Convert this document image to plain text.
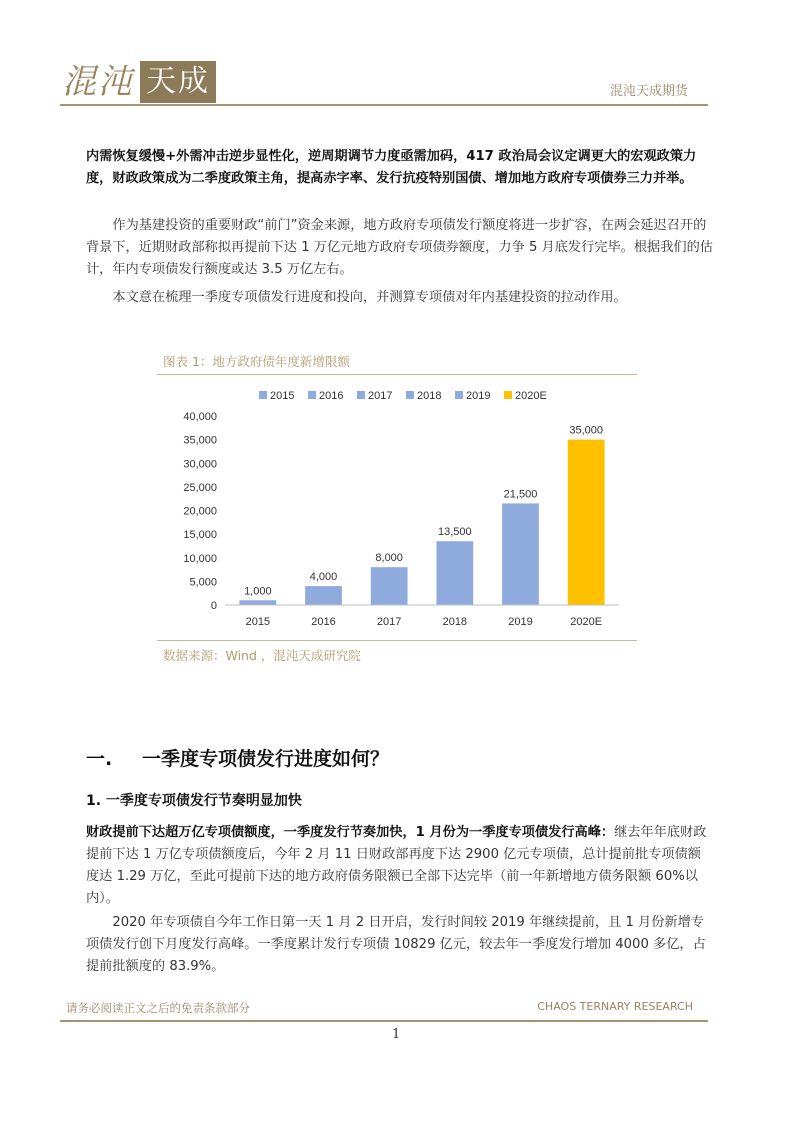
混沌 天成	混沌天成期货

内需恢复缓慢+外需冲击逆步显性化，逆周期调节力度亟需加码，417 政治局会议定调更大的宏观政策力度，财政政策成为二季度政策主角，提高赤字率、发行抗疫特别国债、增加地方政府专项债券三力并举。

作为基建投资的重要财政“前门”资金来源，地方政府专项债发行额度将进一步扩容，在两会延迟召开的背景下，近期财政部称拟再提前下达 1 万亿元地方政府专项债券额度，力争 5 月底发行完毕。根据我们的估计，年内专项债发行额度或达 3.5 万亿左右。

本文意在梳理一季度专项债发行进度和投向，并测算专项债对年内基建投资的拉动作用。

图表 1：地方政府债年度新增限额
2015 2016 2017 2018 2019 2020E
0
5,000
10,000
15,000
20,000
25,000
30,000
35,000
40,000
1,000
4,000
8,000
13,500
21,500
35,000
2015	2016	2017	2018	2019	2020E
数据来源：Wind ，混沌天成研究院
一. 一季度专项债发行进度如何？
1. 一季度专项债发行节奏明显加快
财政提前下达超万亿专项债额度，一季度发行节奏加快，1 月份为一季度专项债发行高峰：继去年年底财政提前下达 1 万亿专项债额度后，今年 2 月 11 日财政部再度下达 2900 亿元专项债，总计提前批专项债额度达 1.29 万亿，至此可提前下达的地方政府债务限额已全部下达完毕（前一年新增地方债务限额 60%以内）。

2020 年专项债自今年工作日第一天 1 月 2 日开启，发行时间较 2019 年继续提前，且 1 月份新增专项债发行创下月度发行高峰。一季度累计发行专项债 10829 亿元，较去年一季度发行增加 4000 多亿，占提前批额度的 83.9%。

请务必阅读正文之后的免责条款部分	CHAOS TERNARY RESEARCH
1
